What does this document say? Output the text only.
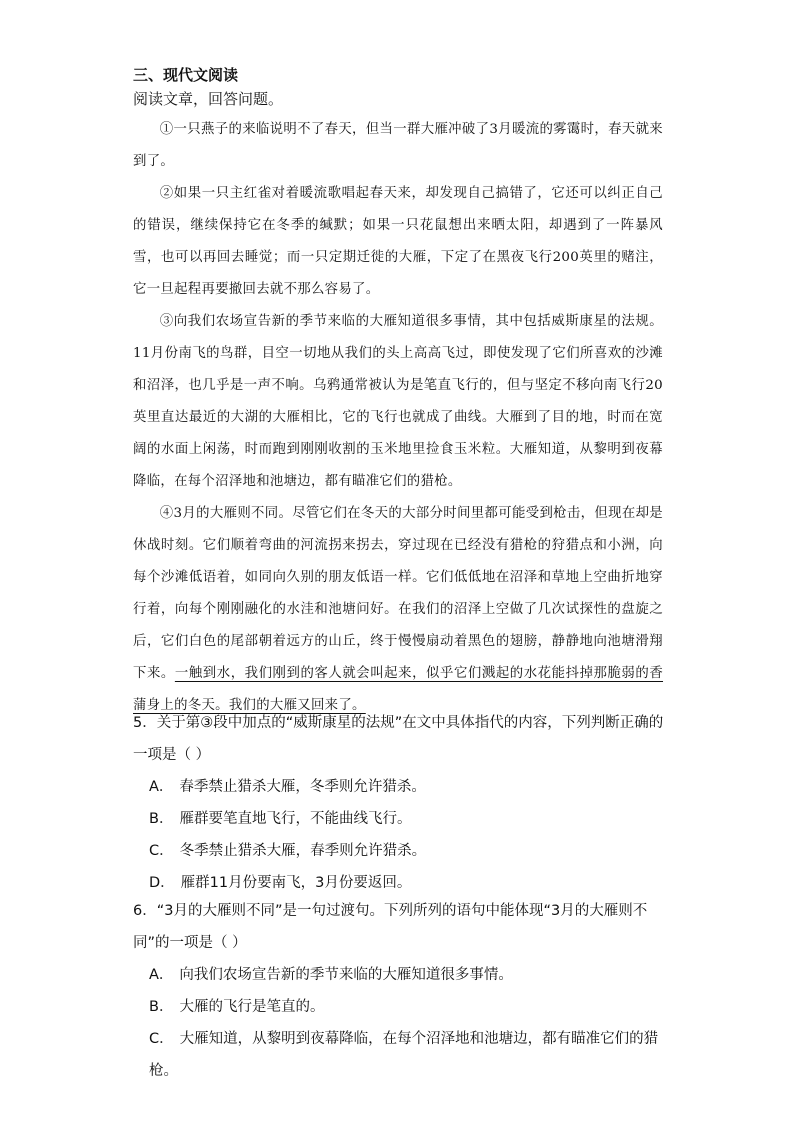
三、现代文阅读
阅读文章，回答问题。

①一只燕子的来临说明不了春天，但当一群大雁冲破了3月暖流的雾霭时，春天就来到了。

②如果一只主红雀对着暖流歌唱起春天来，却发现自己搞错了，它还可以纠正自己的错误，继续保持它在冬季的缄默；如果一只花鼠想出来晒太阳，却遇到了一阵暴风雪，也可以再回去睡觉；而一只定期迁徙的大雁，下定了在黑夜飞行200英里的赌注，它一旦起程再要撤回去就不那么容易了。

③向我们农场宣告新的季节来临的大雁知道很多事情，其中包括威斯康星的法规。11月份南飞的鸟群，目空一切地从我们的头上高高飞过，即使发现了它们所喜欢的沙滩和沼泽，也几乎是一声不响。乌鸦通常被认为是笔直飞行的，但与坚定不移向南飞行20英里直达最近的大湖的大雁相比，它的飞行也就成了曲线。大雁到了目的地，时而在宽阔的水面上闲荡，时而跑到刚刚收割的玉米地里捡食玉米粒。大雁知道，从黎明到夜幕降临，在每个沼泽地和池塘边，都有瞄准它们的猎枪。

④3月的大雁则不同。尽管它们在冬天的大部分时间里都可能受到枪击，但现在却是休战时刻。它们顺着弯曲的河流拐来拐去，穿过现在已经没有猎枪的狩猎点和小洲，向每个沙滩低语着，如同向久别的朋友低语一样。它们低低地在沼泽和草地上空曲折地穿行着，向每个刚刚融化的水洼和池塘问好。在我们的沼泽上空做了几次试探性的盘旋之后，它们白色的尾部朝着远方的山丘，终于慢慢扇动着黑色的翅膀，静静地向池塘滑翔下来。一触到水，我们刚到的客人就会叫起来，似乎它们溅起的水花能抖掉那脆弱的香蒲身上的冬天。我们的大雁又回来了。

5．关于第③段中加点的“威斯康星的法规”在文中具体指代的内容，下列判断正确的一项是（ ）

A． 春季禁止猎杀大雁，冬季则允许猎杀。

B． 雁群要笔直地飞行，不能曲线飞行。

C． 冬季禁止猎杀大雁，春季则允许猎杀。

D． 雁群11月份要南飞，3月份要返回。

6．“3月的大雁则不同”是一句过渡句。下列所列的语句中能体现“3月的大雁则不同”的一项是（ ）

A． 向我们农场宣告新的季节来临的大雁知道很多事情。

B． 大雁的飞行是笔直的。

C． 大雁知道，从黎明到夜幕降临，在每个沼泽地和池塘边，都有瞄准它们的猎枪。
